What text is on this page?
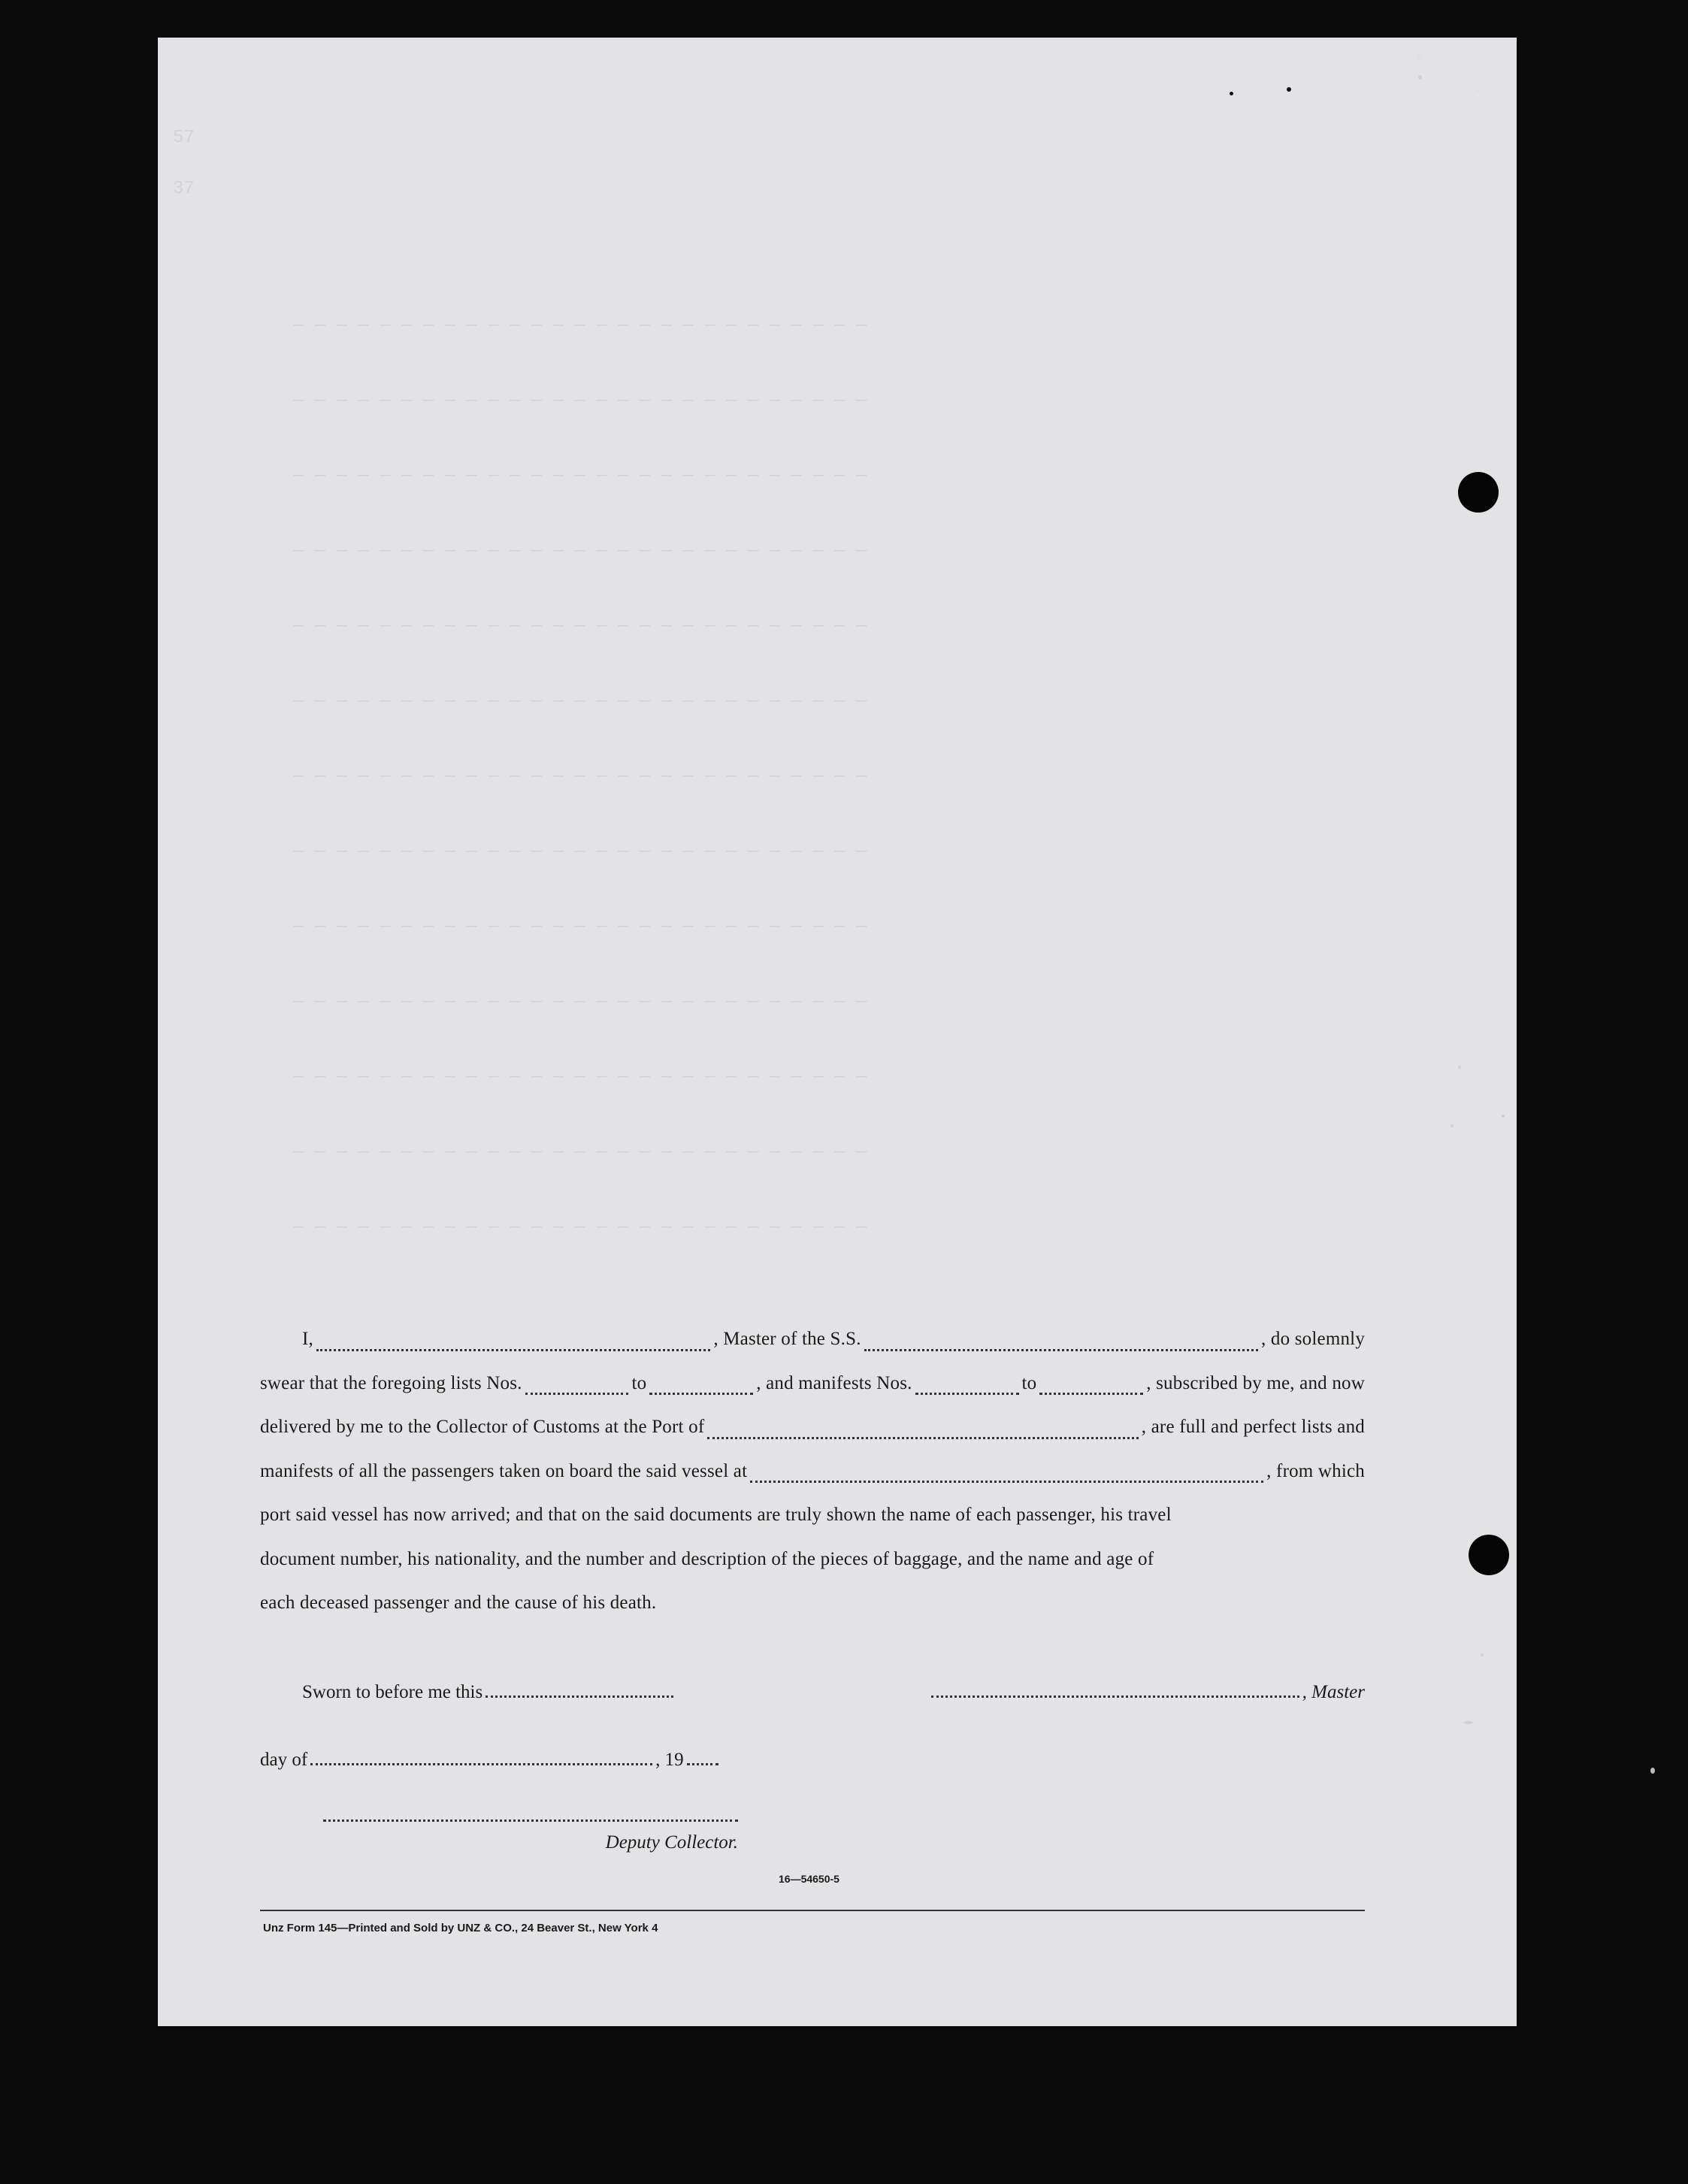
57
37
— — — — — — — — — — — — — — — — — — — — — — — — — — —
— — — — — — — — — — — — — — — — — — — — — — — — — — —
— — — — — — — — — — — — — — — — — — — — — — — — — — —
— — — — — — — — — — — — — — — — — — — — — — — — — — —
— — — — — — — — — — — — — — — — — — — — — — — — — — —
— — — — — — — — — — — — — — — — — — — — — — — — — — —
— — — — — — — — — — — — — — — — — — — — — — — — — — —
— — — — — — — — — — — — — — — — — — — — — — — — — — —
— — — — — — — — — — — — — — — — — — — — — — — — — — —
— — — — — — — — — — — — — — — — — — — — — — — — — — —
— — — — — — — — — — — — — — — — — — — — — — — — — — —
— — — — — — — — — — — — — — — — — — — — — — — — — — —
— — — — — — — — — — — — — — — — — — — — — — — — — — —
I,	, Master of the S.S.	, do solemnly
swear that the foregoing lists Nos.	to	, and manifests Nos.	to	, subscribed by me, and now
delivered by me to the Collector of Customs at the Port of	, are full and perfect lists and
manifests of all the passengers taken on board the said vessel at	, from which
port said vessel has now arrived; and that on the said documents are truly shown the name of each passenger, his travel
document number, his nationality, and the number and description of the pieces of baggage, and the name and age of
each deceased passenger and the cause of his death.
Sworn to before me this	, Master
day of	, 19
Deputy Collector.
16—54650-5
Unz Form 145—Printed and Sold by UNZ & CO., 24 Beaver St., New York 4
